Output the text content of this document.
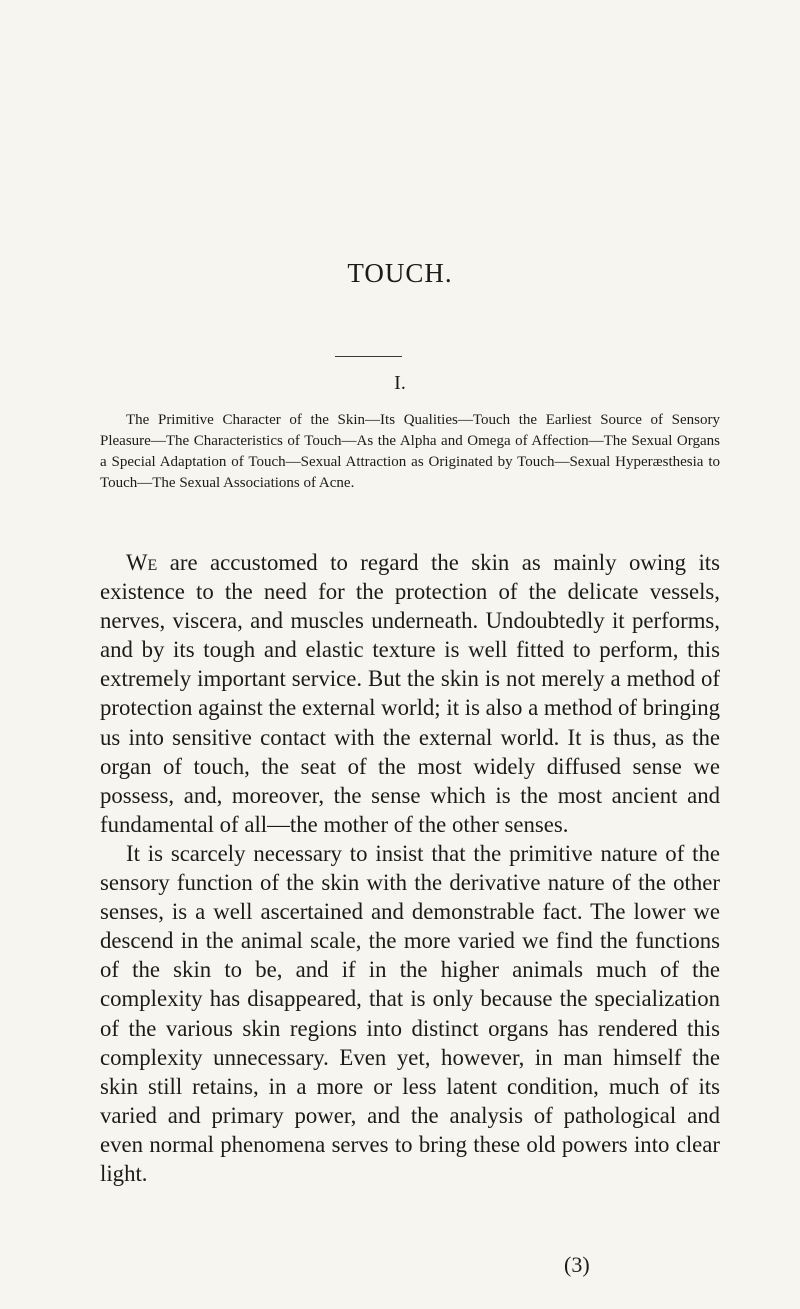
TOUCH.
I.

The Primitive Character of the Skin—Its Qualities—Touch the Earliest Source of Sensory Pleasure—The Characteristics of Touch—As the Alpha and Omega of Affection—The Sexual Organs a Special Adaptation of Touch—Sexual Attraction as Originated by Touch—Sexual Hyperæsthesia to Touch—The Sexual Associations of Acne.

We are accustomed to regard the skin as mainly owing its existence to the need for the protection of the delicate vessels, nerves, viscera, and muscles underneath. Undoubtedly it performs, and by its tough and elastic texture is well fitted to perform, this extremely important service. But the skin is not merely a method of protection against the external world; it is also a method of bringing us into sensitive contact with the external world. It is thus, as the organ of touch, the seat of the most widely diffused sense we possess, and, moreover, the sense which is the most ancient and fundamental of all—the mother of the other senses.

It is scarcely necessary to insist that the primitive nature of the sensory function of the skin with the derivative nature of the other senses, is a well ascertained and demonstrable fact. The lower we descend in the animal scale, the more varied we find the functions of the skin to be, and if in the higher animals much of the complexity has disappeared, that is only because the specialization of the various skin regions into distinct organs has rendered this complexity unnecessary. Even yet, however, in man himself the skin still retains, in a more or less latent condition, much of its varied and primary power, and the analysis of pathological and even normal phenomena serves to bring these old powers into clear light.

(3)
